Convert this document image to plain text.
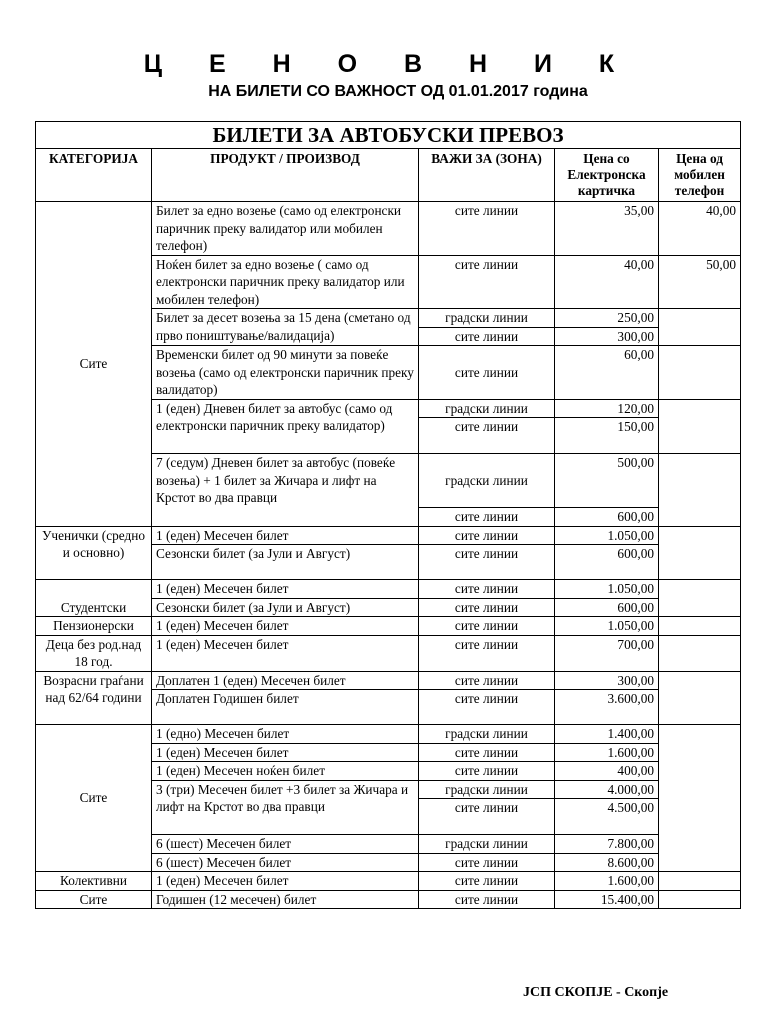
Ц Е Н О В Н И К
НА БИЛЕТИ СО ВАЖНОСТ ОД 01.01.2017 година
БИЛЕТИ ЗА АВТОБУСКИ ПРЕВОЗ				
КАТЕГОРИЈА	ПРОДУКТ / ПРОИЗВОД	ВАЖИ ЗА (ЗОНА)	Цена со Електронска картичка	Цена од мобилен телефон
Сите	Билет за едно возење (само од електронски паричник преку валидатор или мобилен телефон)	сите линии	35,00	40,00
	Ноќен билет за едно возење ( само од електронски паричник преку валидатор или мобилен телефон)	сите линии	40,00	50,00
	Билет за десет возења за 15 дена (сметано од прво поништување/валидација)	градски линии	250,00	
		сите линии	300,00	
	Временски билет од 90 минути за повеќе возења (само од електронски паричник преку валидатор)	сите линии	60,00	
	1 (еден) Дневен билет за автобус (само од електронски паричник преку валидатор)	градски линии	120,00	
		сите линии	150,00	
	7 (седум) Дневен билет за автобус (повеќе возења) + 1 билет за Жичара и лифт на Крстот во два правци	градски линии	500,00	
		сите линии	600,00	
Ученички (средно и основно)	1 (еден) Месечен билет	сите линии	1.050,00	
	Сезонски билет (за Јули и Август)	сите линии	600,00	
Студентски	1 (еден) Месечен билет	сите линии	1.050,00	
	Сезонски билет (за Јули и Август)	сите линии	600,00	
Пензионерски	1 (еден) Месечен билет	сите линии	1.050,00	
Деца без род.над 18 год.	1 (еден) Месечен билет	сите линии	700,00	
Возрасни граѓани над 62/64 години	Доплатен 1 (еден) Месечен билет	сите линии	300,00	
	Доплатен Годишен билет	сите линии	3.600,00	
Сите	1 (едно) Месечен билет	градски линии	1.400,00	
	1 (еден) Месечен билет	сите линии	1.600,00	
	1 (еден) Месечен ноќен билет	сите линии	400,00	
	3 (три) Месечен билет +3 билет за Жичара и лифт на Крстот во два правци	градски линии	4.000,00	
		сите линии	4.500,00	
	6 (шест) Месечен билет	градски линии	7.800,00	
	6 (шест) Месечен билет	сите линии	8.600,00	
Колективни	1 (еден) Месечен билет	сите линии	1.600,00	
Сите	Годишен (12 месечен) билет	сите линии	15.400,00	
ЈСП СКОПЈЕ - Скопје
